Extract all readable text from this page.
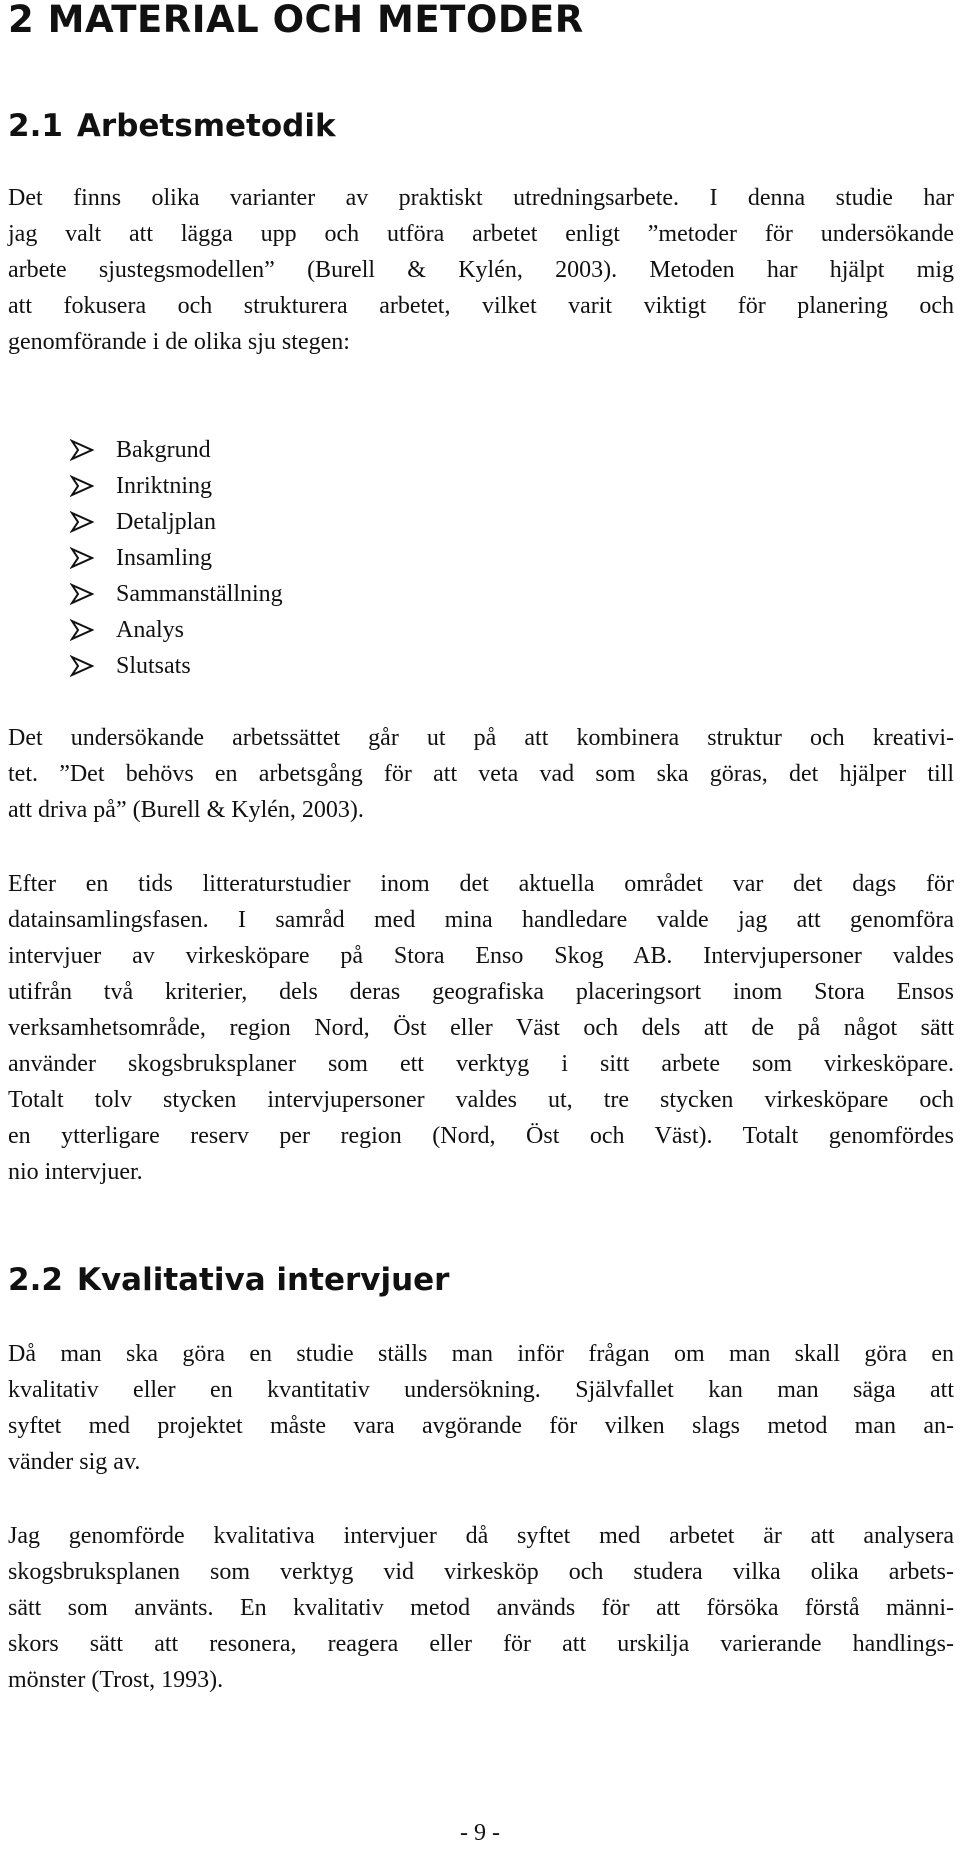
2 MATERIAL OCH METODER
2.1 Arbetsmetodik

Det finns olika varianter av praktiskt utredningsarbete. I denna studie har
jag valt att lägga upp och utföra arbetet enligt ”metoder för undersökande
arbete sjustegsmodellen” (Burell & Kylén, 2003). Metoden har hjälpt mig
att fokusera och strukturera arbetet, vilket varit viktigt för planering och
genomförande i de olika sju stegen:

Bakgrund
Inriktning
Detaljplan
Insamling
Sammanställning
Analys
Slutsats

Det undersökande arbetssättet går ut på att kombinera struktur och kreativi-
tet. ”Det behövs en arbetsgång för att veta vad som ska göras, det hjälper till
att driva på” (Burell & Kylén, 2003).

Efter en tids litteraturstudier inom det aktuella området var det dags för
datainsamlingsfasen. I samråd med mina handledare valde jag att genomföra
intervjuer av virkesköpare på Stora Enso Skog AB. Intervjupersoner valdes
utifrån två kriterier, dels deras geografiska placeringsort inom Stora Ensos
verksamhetsområde, region Nord, Öst eller Väst och dels att de på något sätt
använder skogsbruksplaner som ett verktyg i sitt arbete som virkesköpare.
Totalt tolv stycken intervjupersoner valdes ut, tre stycken virkesköpare och
en ytterligare reserv per region (Nord, Öst och Väst). Totalt genomfördes
nio intervjuer.

2.2 Kvalitativa intervjuer

Då man ska göra en studie ställs man inför frågan om man skall göra en
kvalitativ eller en kvantitativ undersökning. Självfallet kan man säga att
syftet med projektet måste vara avgörande för vilken slags metod man an-
vänder sig av.

Jag genomförde kvalitativa intervjuer då syftet med arbetet är att analysera
skogsbruksplanen som verktyg vid virkesköp och studera vilka olika arbets-
sätt som använts. En kvalitativ metod används för att försöka förstå männi-
skors sätt att resonera, reagera eller för att urskilja varierande handlings-
mönster (Trost, 1993).

- 9 -
